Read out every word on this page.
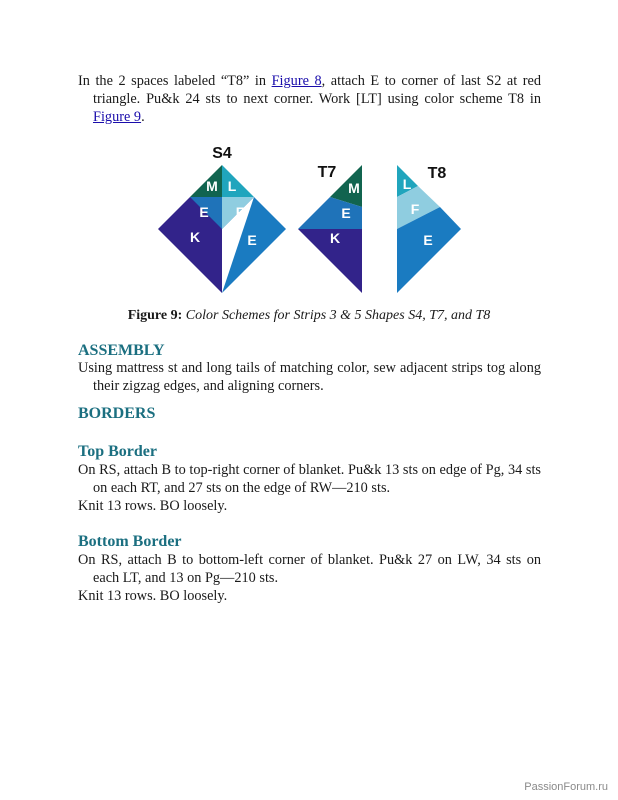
In the 2 spaces labeled “T8” in Figure 8, attach E to corner of last S2 at red triangle. Pu&k 24 sts to next corner. Work [LT] using color scheme T8 in Figure 9.
S4
M L
E F
K	E
T7
M
E
K
T8
L
F
E
Figure 9: Color Schemes for Strips 3 & 5 Shapes S4, T7, and T8
ASSEMBLY
Using mattress st and long tails of matching color, sew adjacent strips tog along their zigzag edges, and aligning corners.
BORDERS
Top Border
On RS, attach B to top-right corner of blanket. Pu&k 13 sts on edge of Pg, 34 sts on each RT, and 27 sts on the edge of RW—210 sts.
Knit 13 rows. BO loosely.
Bottom Border
On RS, attach B to bottom-left corner of blanket. Pu&k 27 on LW, 34 sts on each LT, and 13 on Pg—210 sts.
Knit 13 rows. BO loosely.
PassionForum.ru
